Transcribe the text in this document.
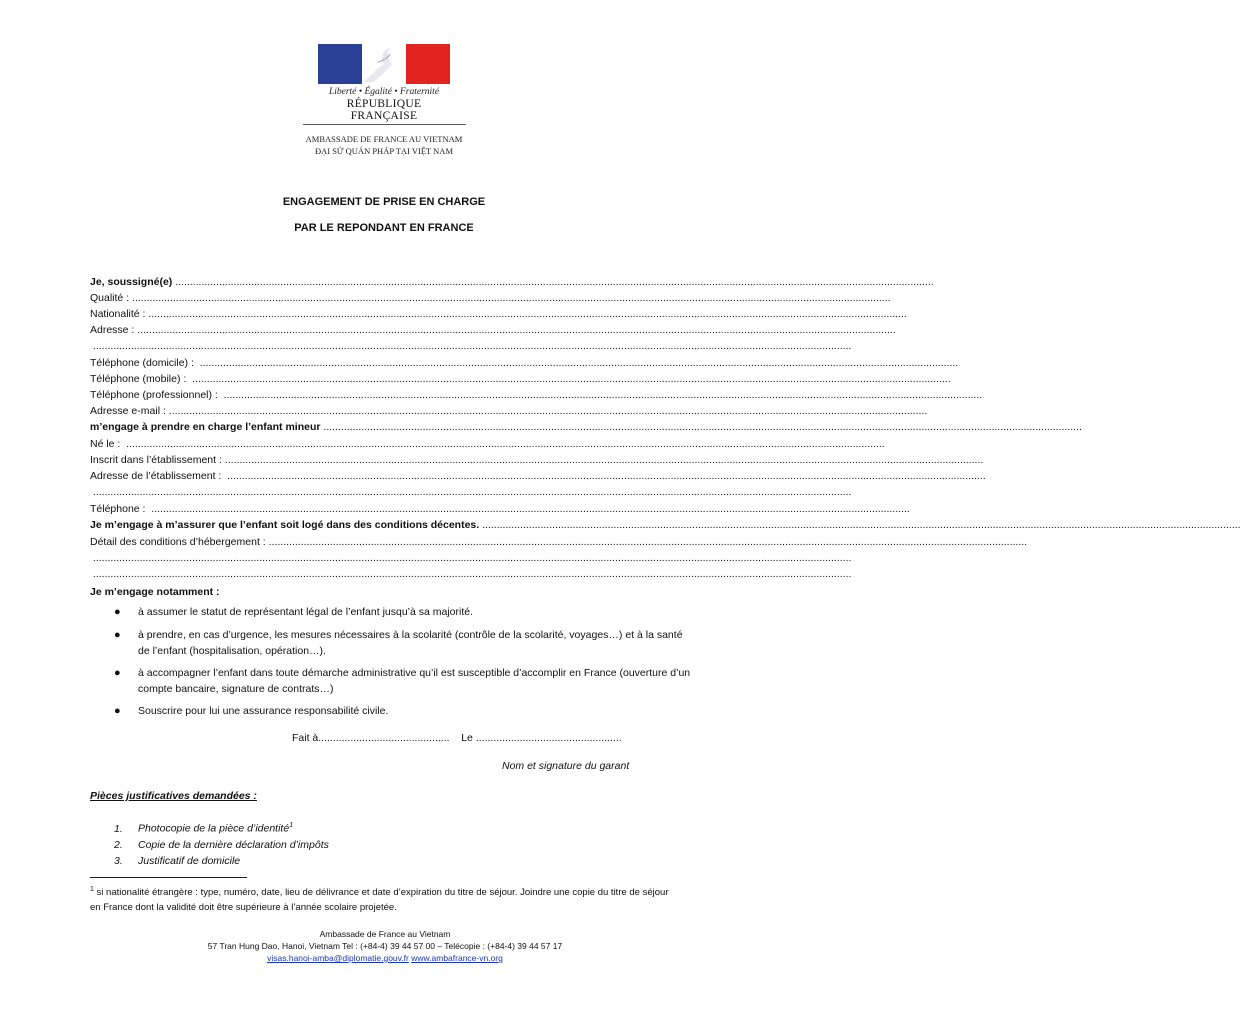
Liberté • Égalité • Fraternité
RÉPUBLIQUE FRANÇAISE
AMBASSADE DE FRANCE AU VIETNAM
ĐẠI SỨ QUÁN PHÁP TẠI VIỆT NAM
ENGAGEMENT DE PRISE EN CHARGE
PAR LE REPONDANT EN FRANCE
Je, soussigné(e) ....................................................................................................................................................................................................................................................................
Qualité : ....................................................................................................................................................................................................................................................................
Nationalité : ....................................................................................................................................................................................................................................................................
Adresse : ....................................................................................................................................................................................................................................................................
....................................................................................................................................................................................................................................................................
Téléphone (domicile) :  ....................................................................................................................................................................................................................................................................
Téléphone (mobile) :  ....................................................................................................................................................................................................................................................................
Téléphone (professionnel) :  ....................................................................................................................................................................................................................................................................
Adresse e-mail : ....................................................................................................................................................................................................................................................................
m’engage à prendre en charge l’enfant mineur ....................................................................................................................................................................................................................................................................
Né le :  ....................................................................................................................................................................................................................................................................
Inscrit dans l’établissement : ....................................................................................................................................................................................................................................................................
Adresse de l’établissement :  ....................................................................................................................................................................................................................................................................
....................................................................................................................................................................................................................................................................
Téléphone :  ....................................................................................................................................................................................................................................................................
Je m’engage à m’assurer que l’enfant soit logé dans des conditions décentes. ....................................................................................................................................................................................................................................................................
Détail des conditions d’hébergement : ....................................................................................................................................................................................................................................................................
....................................................................................................................................................................................................................................................................
....................................................................................................................................................................................................................................................................
Je m’engage notamment :
● à assumer le statut de représentant légal de l’enfant jusqu’à sa majorité.
● à prendre, en cas d’urgence, les mesures nécessaires à la scolarité (contrôle de la scolarité, voyages…) et à la santé de l’enfant (hospitalisation, opération…).
● à accompagner l’enfant dans toute démarche administrative qu’il est susceptible d’accomplir en France (ouverture d’un compte bancaire, signature de contrats…)
● Souscrire pour lui une assurance responsabilité civile.
Fait à............................................. Le ..................................................
Nom et signature du garant
Pièces justificatives demandées :
1. Photocopie de la pièce d’identité$^1$
2. Copie de la dernière déclaration d’impôts
3. Justificatif de domicile
$^1$ si nationalité étrangère : type, numéro, date, lieu de délivrance et date d’expiration du titre de séjour. Joindre une copie du titre de séjour en France dont la validité doit être supérieure à l’année scolaire projetée.
Ambassade de France au Vietnam
57 Tran Hung Dao, Hanoi, Vietnam Tel : (+84-4) 39 44 57 00 – Telécopie : (+84-4) 39 44 57 17
visas.hanoi-amba@diplomatie.gouv.fr www.ambafrance-vn.org
